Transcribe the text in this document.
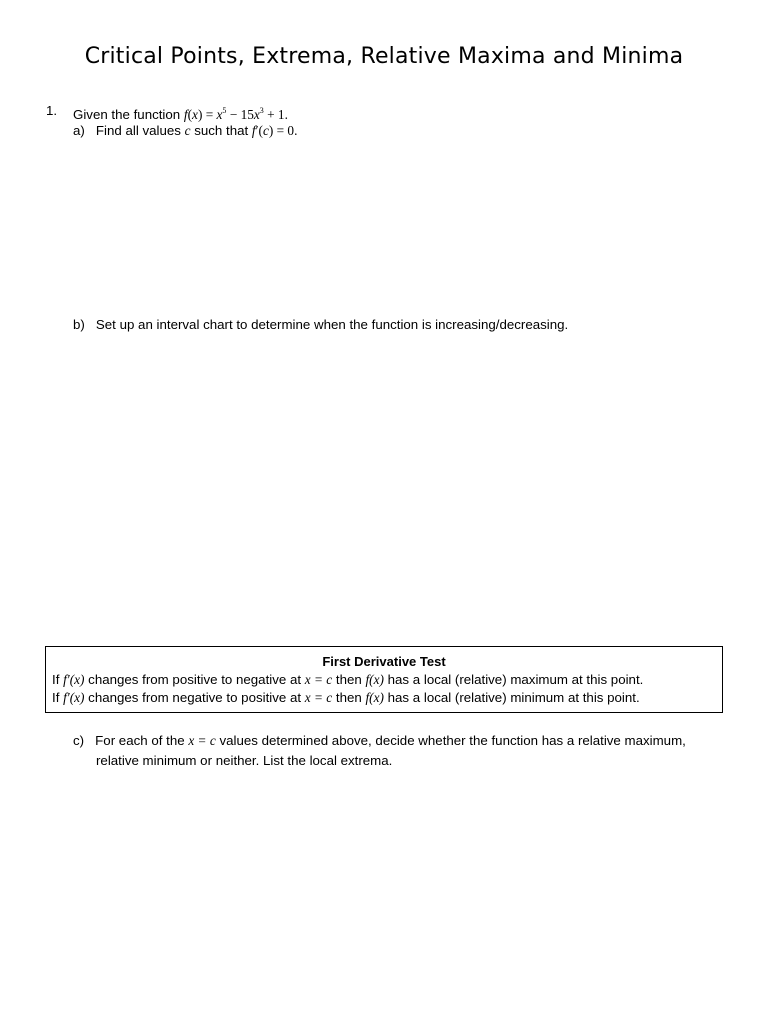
Critical Points, Extrema, Relative Maxima and Minima
1. Given the function $f(x) = x^5 - 15x^3 + 1$.
a) Find all values c such that f′(c) = 0.
b) Set up an interval chart to determine when the function is increasing/decreasing.
First Derivative Test
If f′(x) changes from positive to negative at x = c then f(x) has a local (relative) maximum at this point.
If f′(x) changes from negative to positive at x = c then f(x) has a local (relative) minimum at this point.
c) For each of the x = c values determined above, decide whether the function has a relative maximum,
relative minimum or neither. List the local extrema.
